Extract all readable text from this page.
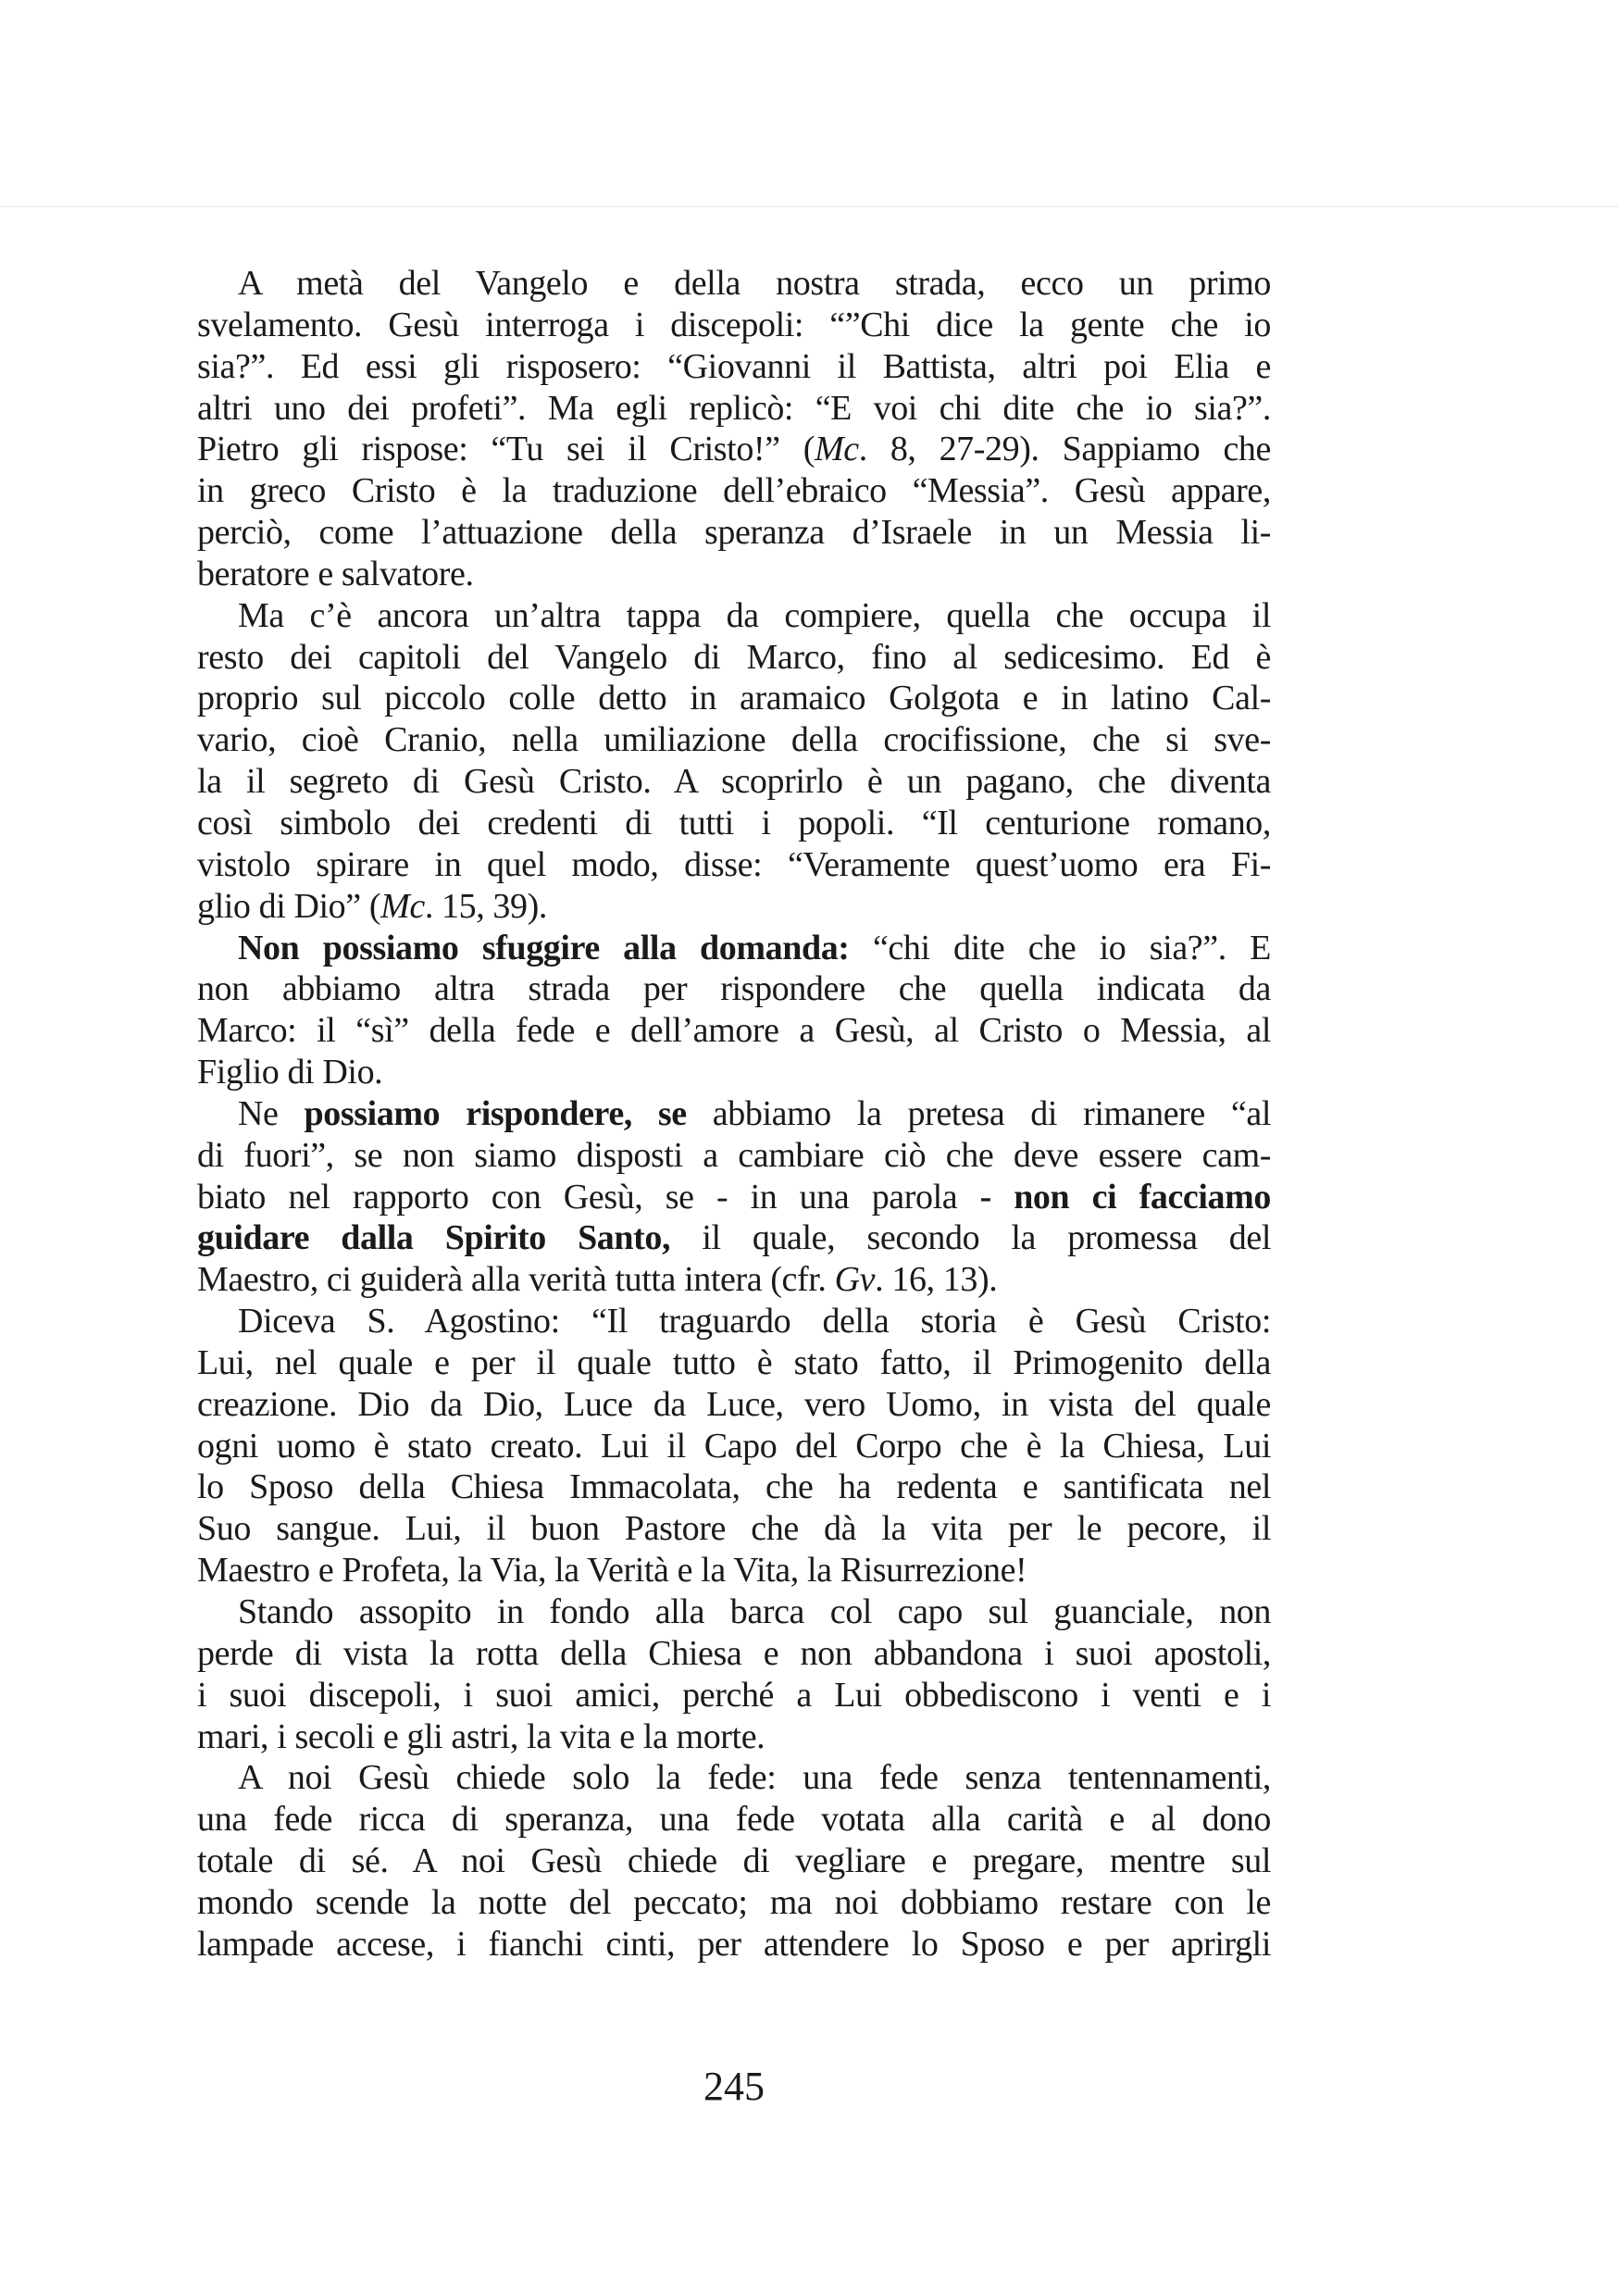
A metà del Vangelo e della nostra strada, ecco un primo
svelamento. Gesù interroga i discepoli: “”Chi dice la gente che io
sia?”. Ed essi gli risposero: “Giovanni il Battista, altri poi Elia e
altri uno dei profeti”. Ma egli replicò: “E voi chi dite che io sia?”.
Pietro gli rispose: “Tu sei il Cristo!” (Mc. 8, 27-29). Sappiamo che
in greco Cristo è la traduzione dell’ebraico “Messia”. Gesù appare,
perciò, come l’attuazione della speranza d’Israele in un Messia li-
beratore e salvatore.
Ma c’è ancora un’altra tappa da compiere, quella che occupa il
resto dei capitoli del Vangelo di Marco, fino al sedicesimo. Ed è
proprio sul piccolo colle detto in aramaico Golgota e in latino Cal-
vario, cioè Cranio, nella umiliazione della crocifissione, che si sve-
la il segreto di Gesù Cristo. A scoprirlo è un pagano, che diventa
così simbolo dei credenti di tutti i popoli. “Il centurione romano,
vistolo spirare in quel modo, disse: “Veramente quest’uomo era Fi-
glio di Dio” (Mc. 15, 39).
Non possiamo sfuggire alla domanda: “chi dite che io sia?”. E
non abbiamo altra strada per rispondere che quella indicata da
Marco: il “sì” della fede e dell’amore a Gesù, al Cristo o Messia, al
Figlio di Dio.
Ne possiamo rispondere, se abbiamo la pretesa di rimanere “al
di fuori”, se non siamo disposti a cambiare ciò che deve essere cam-
biato nel rapporto con Gesù, se - in una parola - non ci facciamo
guidare dalla Spirito Santo, il quale, secondo la promessa del
Maestro, ci guiderà alla verità tutta intera (cfr. Gv. 16, 13).
Diceva S. Agostino: “Il traguardo della storia è Gesù Cristo:
Lui, nel quale e per il quale tutto è stato fatto, il Primogenito della
creazione. Dio da Dio, Luce da Luce, vero Uomo, in vista del quale
ogni uomo è stato creato. Lui il Capo del Corpo che è la Chiesa, Lui
lo Sposo della Chiesa Immacolata, che ha redenta e santificata nel
Suo sangue. Lui, il buon Pastore che dà la vita per le pecore, il
Maestro e Profeta, la Via, la Verità e la Vita, la Risurrezione!
Stando assopito in fondo alla barca col capo sul guanciale, non
perde di vista la rotta della Chiesa e non abbandona i suoi apostoli,
i suoi discepoli, i suoi amici, perché a Lui obbediscono i venti e i
mari, i secoli e gli astri, la vita e la morte.
A noi Gesù chiede solo la fede: una fede senza tentennamenti,
una fede ricca di speranza, una fede votata alla carità e al dono
totale di sé. A noi Gesù chiede di vegliare e pregare, mentre sul
mondo scende la notte del peccato; ma noi dobbiamo restare con le
lampade accese, i fianchi cinti, per attendere lo Sposo e per aprirgli
245
